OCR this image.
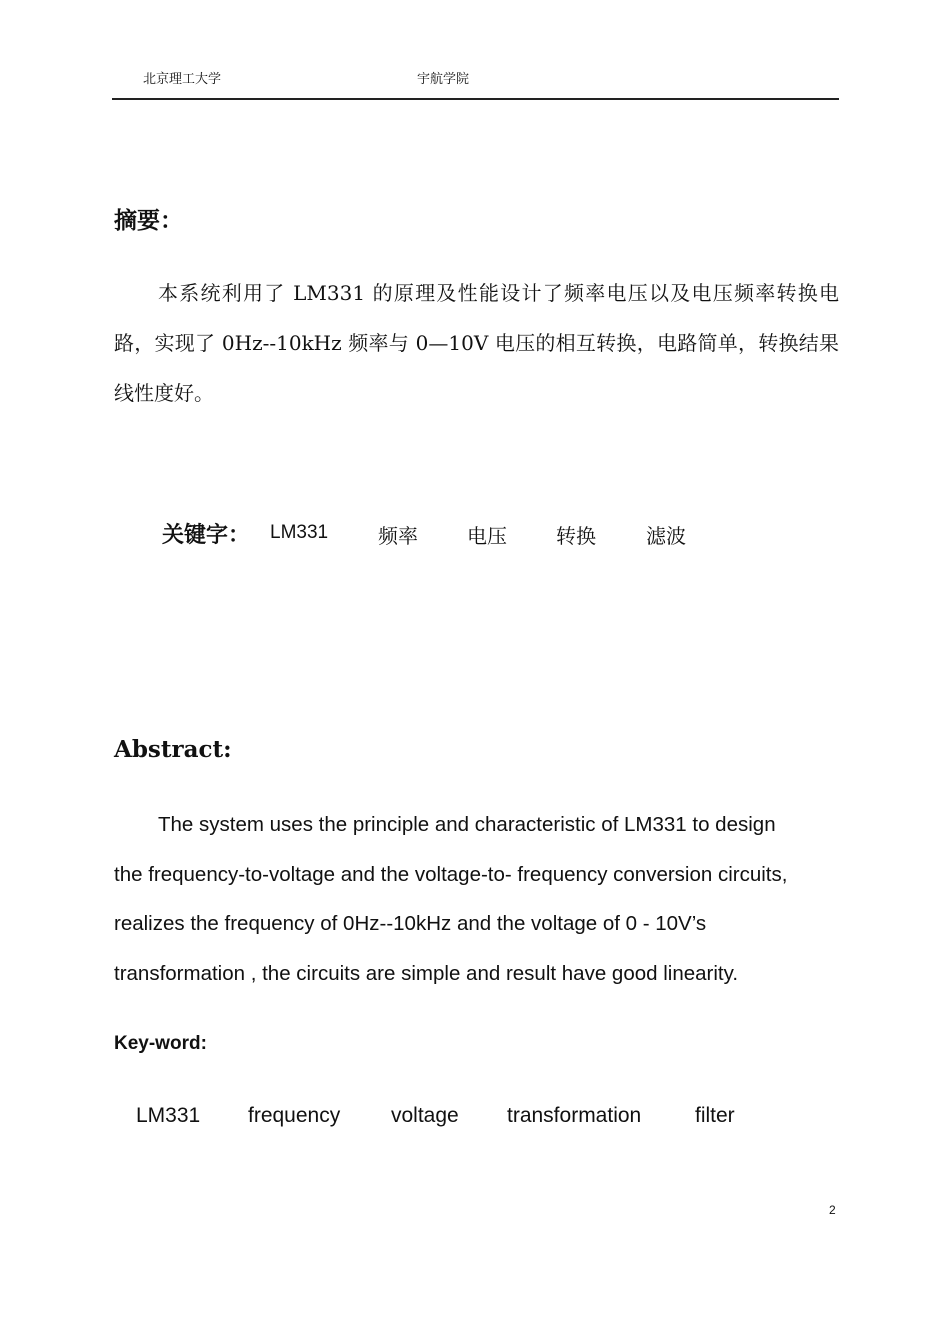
北京理工大学	宇航学院
摘要：

本系统利用了 LM331 的原理及性能设计了频率电压以及电压频率转换电路，实现了 0Hz--10kHz 频率与 0—10V 电压的相互转换，电路简单，转换结果线性度好。

关键字： LM331 频率 电压 转换	滤波
Abstract:

The system uses the principle and characteristic of LM331 to design
the frequency-to-voltage and the voltage-to- frequency conversion circuits,
realizes the frequency of 0Hz--10kHz and the voltage of 0 - 10V’s
transformation , the circuits are simple and result have good linearity.

Key-word:
LM331 frequency voltage transformation	filter
2
